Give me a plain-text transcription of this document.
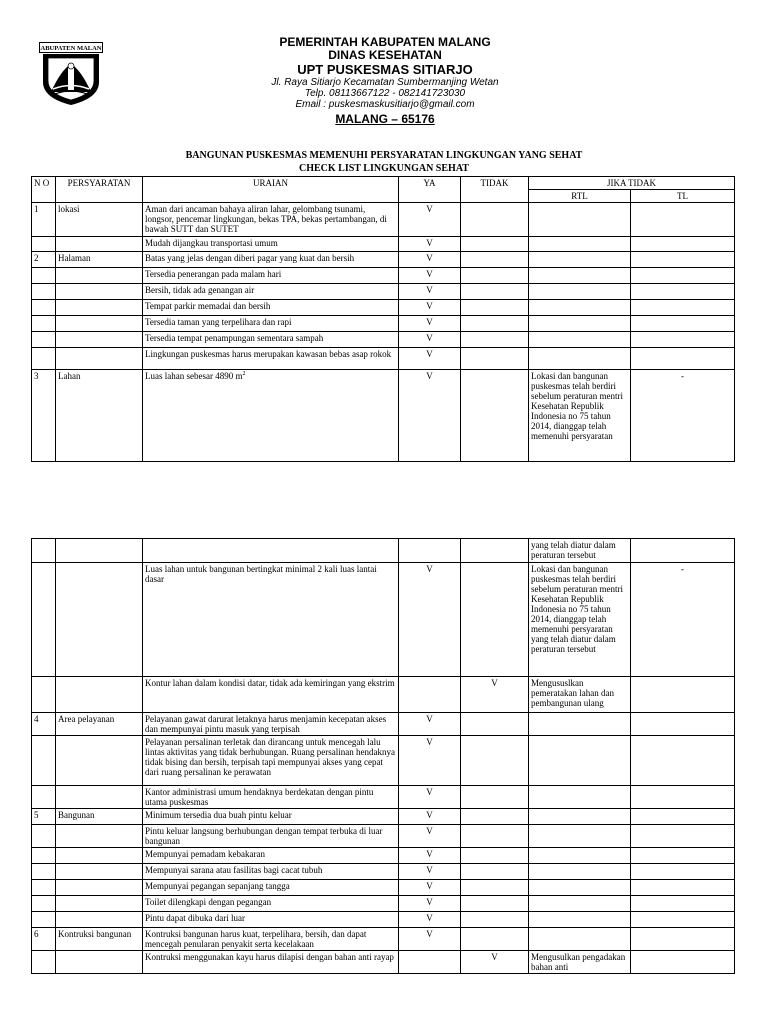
KABUPATEN MALANG	PEMERINTAH KABUPATEN MALANG
DINAS KESEHATAN
UPT PUSKESMAS SITIARJO
Jl. Raya Sitiarjo Kecamatan Sumbermanjing Wetan
Telp. 08113667122 - 082141723030
Email : puskesmaskusitiarjo@gmail.com
MALANG – 65176
BANGUNAN PUSKESMAS MEMENUHI PERSYARATAN LINGKUNGAN YANG SEHAT
CHECK LIST LINGKUNGAN SEHAT
N O	PERSYARATAN	URAIAN	YA	TIDAK	JIKA TIDAK	
					RTL	TL
1	lokasi	Aman dari ancaman bahaya aliran lahar, gelombang tsunami, longsor, pencemar lingkungan, bekas TPA, bekas pertambangan, di bawah SUTT dan SUTET	V			
		Mudah dijangkau transportasi umum	V			
2	Halaman	Batas yang jelas dengan diberi pagar yang kuat dan bersih	V			
		Tersedia penerangan pada malam hari	V			
		Bersih, tidak ada genangan air	V			
		Tempat parkir memadai dan bersih	V			
		Tersedia taman yang terpelihara dan rapi	V			
		Tersedia tempat penampungan sementara sampah	V			
		Lingkungan puskesmas harus merupakan kawasan bebas asap rokok	V			
3	Lahan	Luas lahan sebesar 4890 $m^2$	V		Lokasi dan bangunan puskesmas telah berdiri sebelum peraturan mentri Kesehatan Republik Indonesia no 75 tahun 2014, dianggap telah memenuhi persyaratan	-
					yang telah diatur dalam peraturan tersebut	
		Luas lahan untuk bangunan bertingkat minimal 2 kali luas lantai dasar	V		Lokasi dan bangunan puskesmas telah berdiri sebelum peraturan mentri Kesehatan Republik Indonesia no 75 tahun 2014, dianggap telah memenuhi persyaratan yang telah diatur dalam peraturan tersebut	-
		Kontur lahan dalam kondisi datar, tidak ada kemiringan yang ekstrim		V	Mengususlkan pemeratakan lahan dan pembangunan ulang	
4	Area pelayanan	Pelayanan gawat darurat letaknya harus menjamin kecepatan akses dan mempunyai pintu masuk yang terpisah	V			
		Pelayanan persalinan terletak dan dirancang untuk mencegah lalu lintas aktivitas yang tidak berhubungan. Ruang persalinan hendaknya tidak bising dan bersih, terpisah tapi mempunyai akses yang cepat dari ruang persalinan ke perawatan	V			
		Kantor administrasi umum hendaknya berdekatan dengan pintu utama puskesmas	V			
5	Bangunan	Minimum tersedia dua buah pintu keluar	V			
		Pintu keluar langsung berhubungan dengan tempat terbuka di luar bangunan	V			
		Mempunyai pemadam kebakaran	V			
		Mempunyai sarana atau fasilitas bagi cacat tubuh	V			
		Mempunyai pegangan sepanjang tangga	V			
		Toilet dilengkapi dengan pegangan	V			
		Pintu dapat dibuka dari luar	V			
6	Kontruksi bangunan	Kontruksi bangunan harus kuat, terpelihara, bersih, dan dapat mencegah penularan penyakit serta kecelakaan	V			
		Kontruksi menggunakan kayu harus dilapisi dengan bahan anti rayap		V	Mengusulkan pengadakan bahan anti	
